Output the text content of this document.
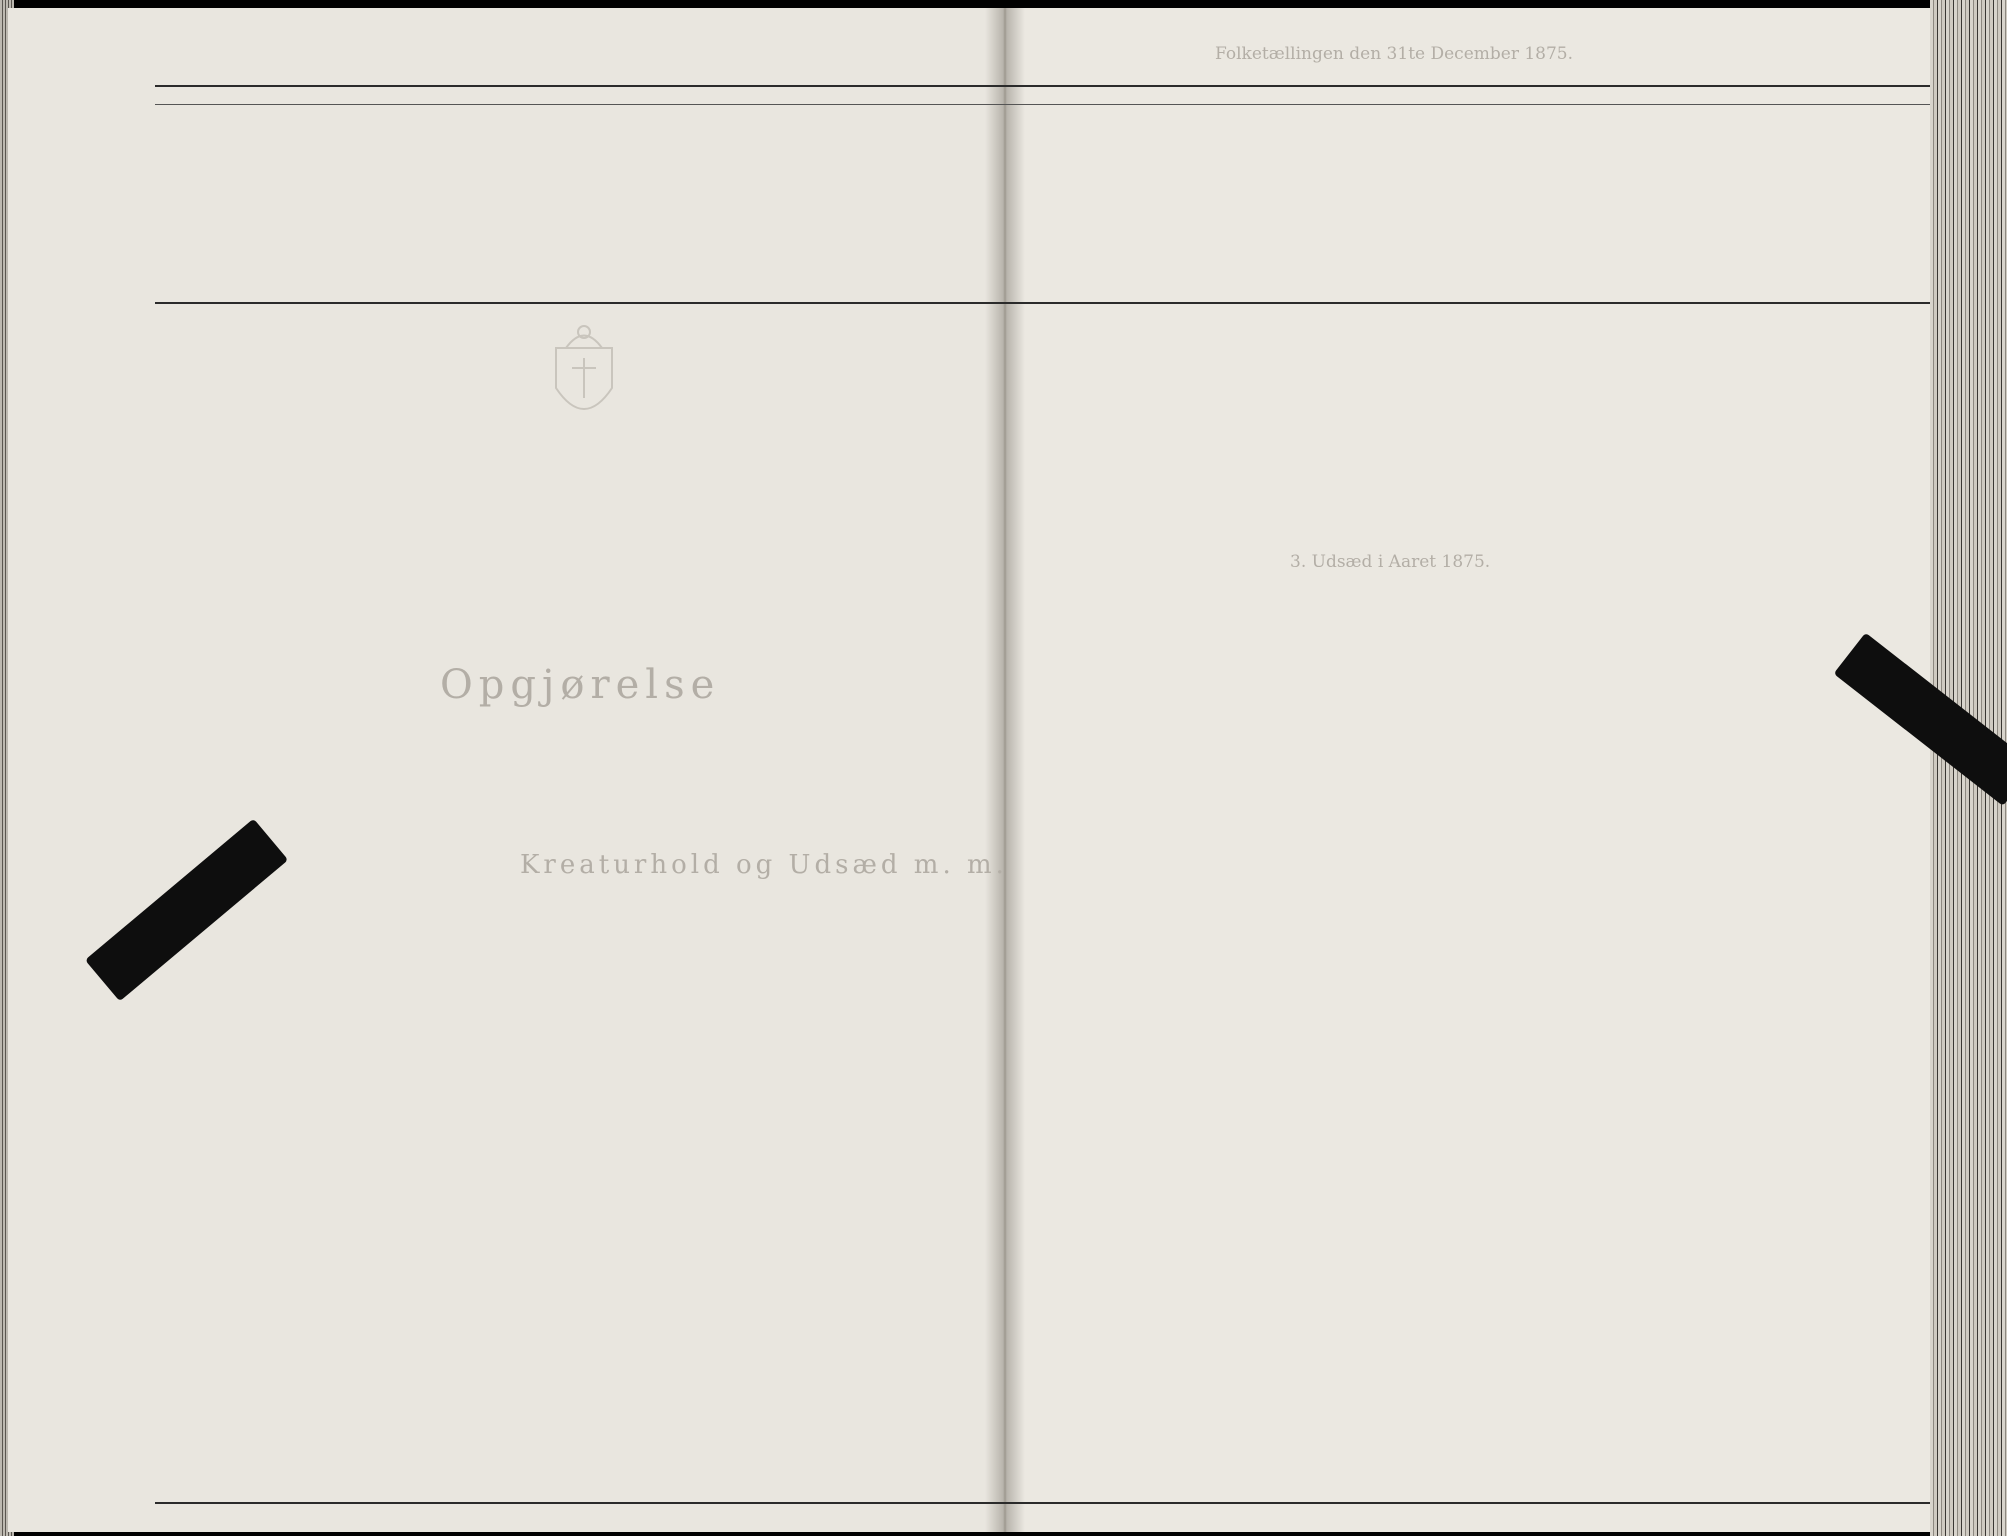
Folketællingen den 31te December 1875.
3. Udsæd i Aaret 1875.
Opgjørelse
Kreaturhold og Udsæd m. m.
